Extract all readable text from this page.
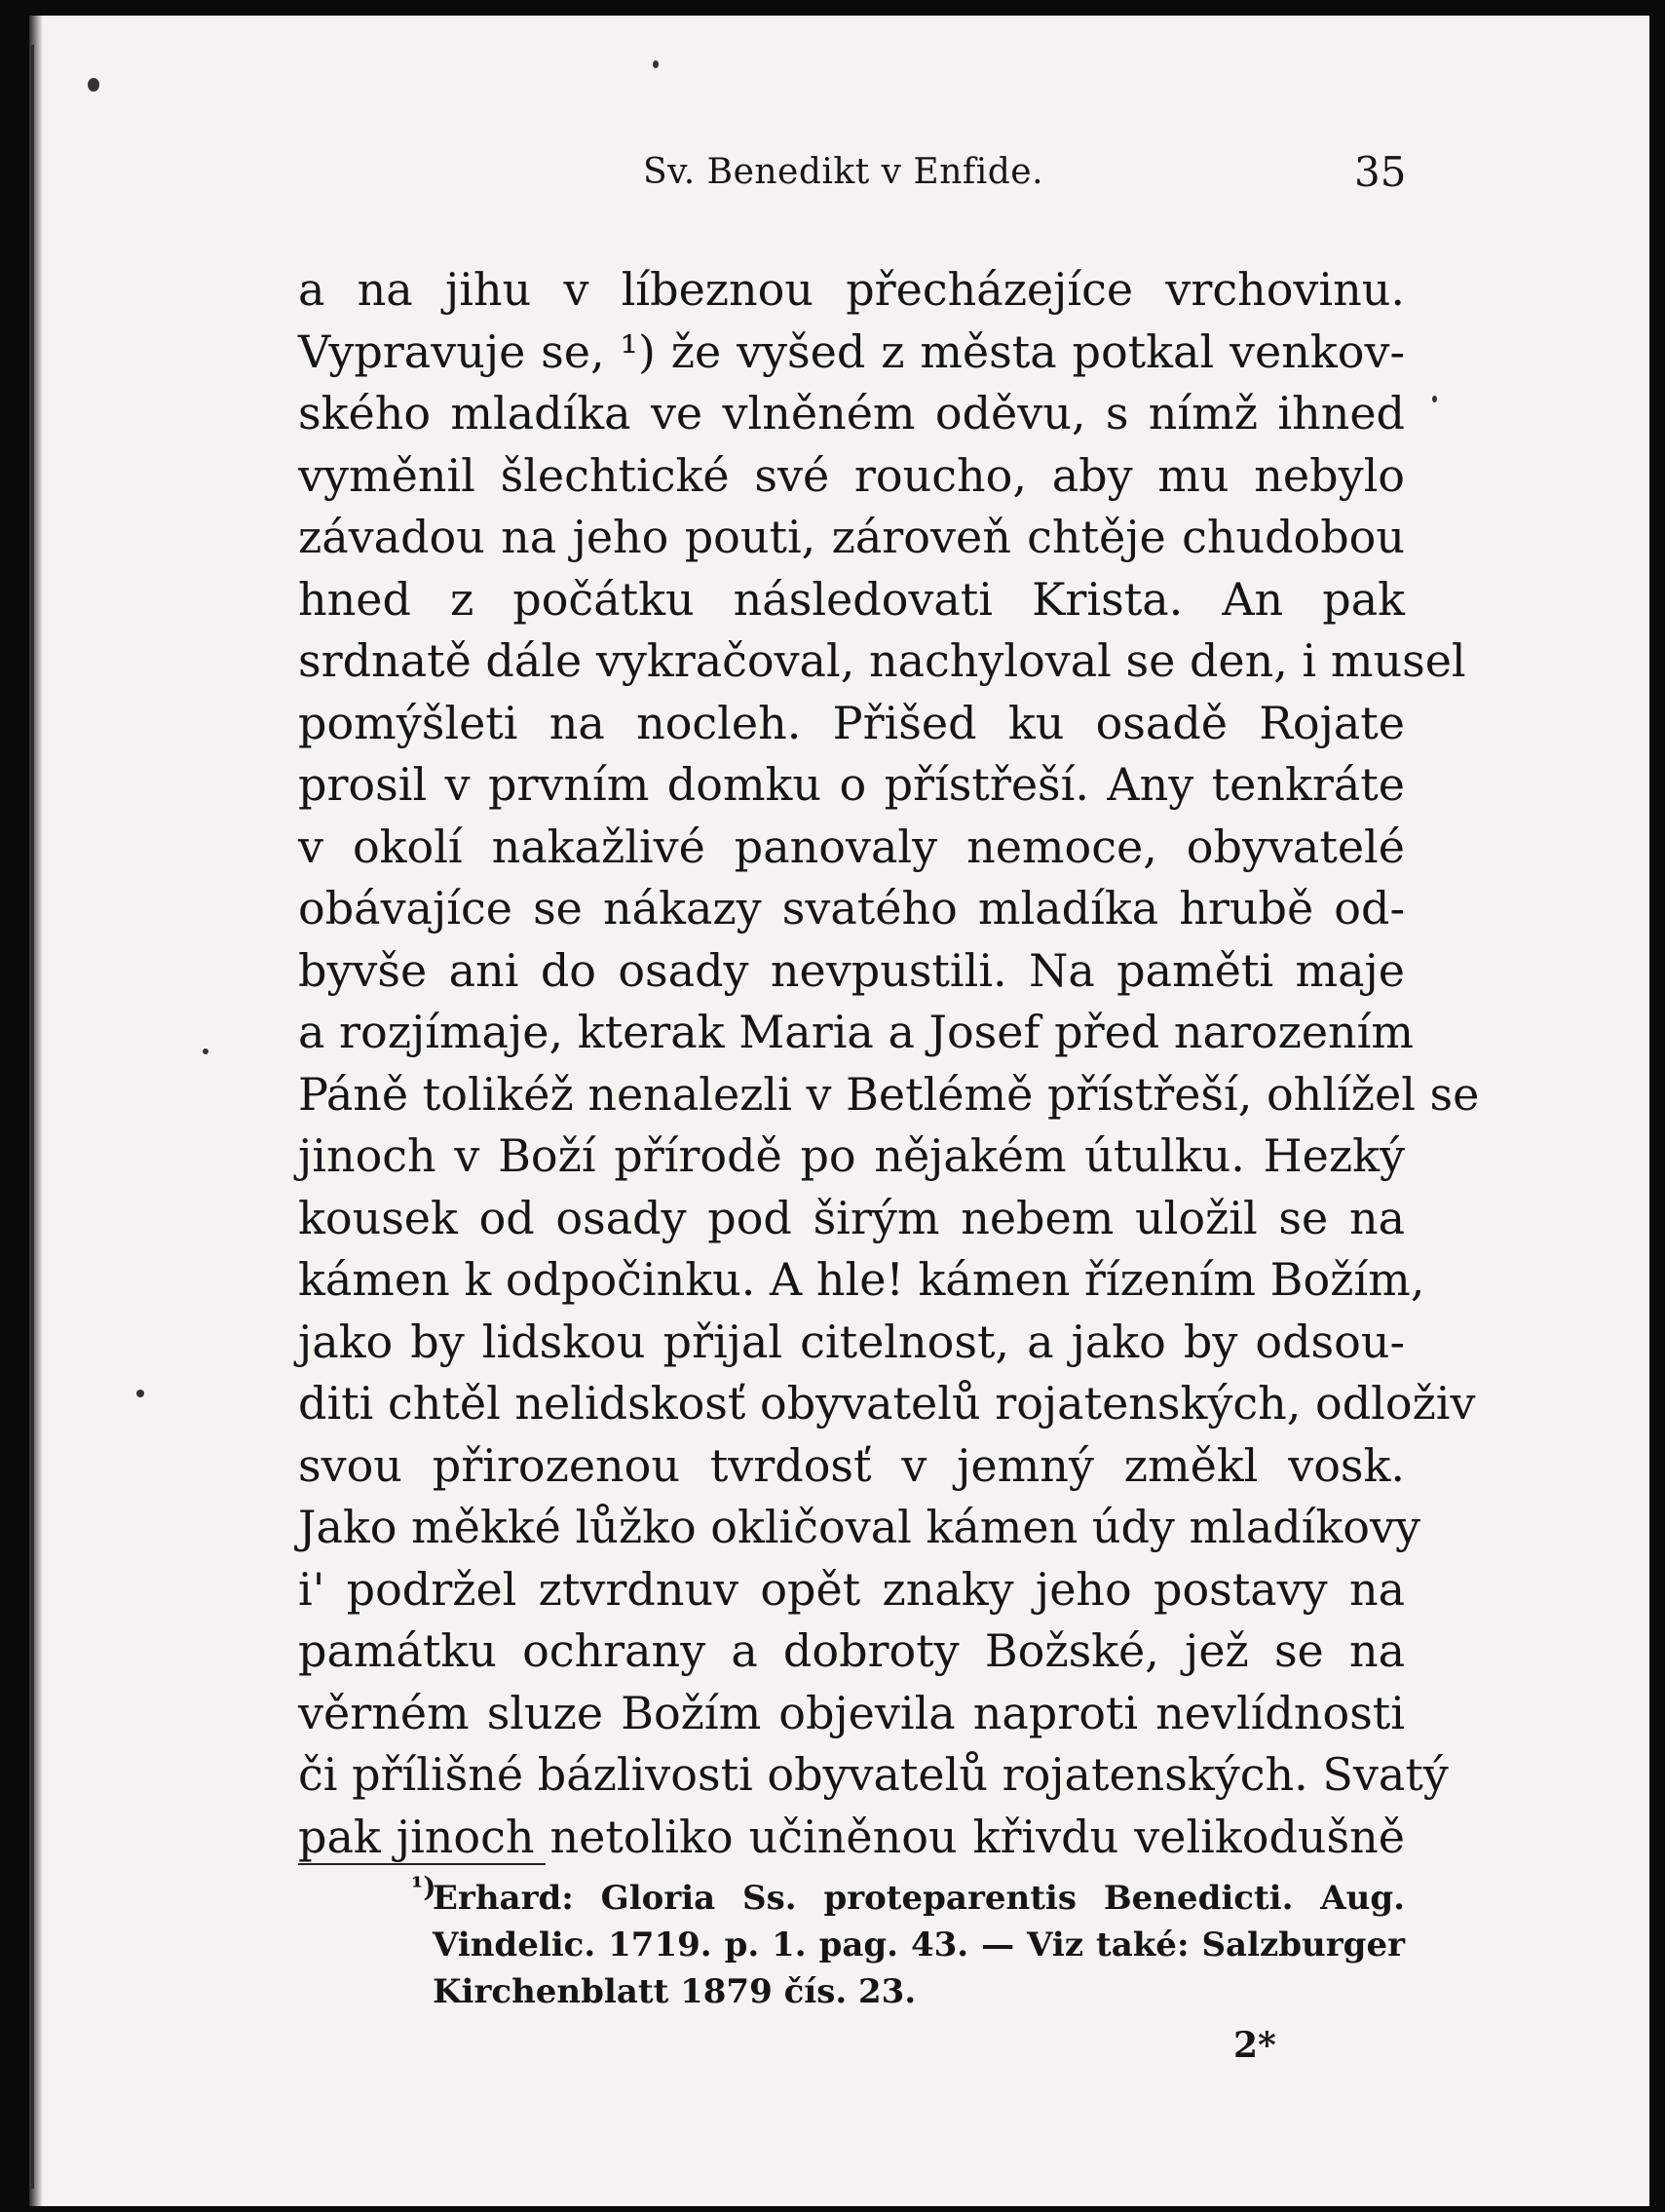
Sv. Benedikt v Enfide.	35
a na jihu v líbeznou přecházejíce vrchovinu.
Vypravuje se, ¹) že vyšed z města potkal venkov-
ského mladíka ve vlněném oděvu, s nímž ihned
vyměnil šlechtické své roucho, aby mu nebylo
závadou na jeho pouti, zároveň chtěje chudobou
hned z počátku následovati Krista. An pak
srdnatě dále vykračoval, nachyloval se den, i musel
pomýšleti na nocleh. Přišed ku osadě Rojate
prosil v prvním domku o přístřeší. Any tenkráte
v okolí nakažlivé panovaly nemoce, obyvatelé
obávajíce se nákazy svatého mladíka hrubě od-
byvše ani do osady nevpustili. Na paměti maje
a rozjímaje, kterak Maria a Josef před narozením
Páně tolikéž nenalezli v Betlémě přístřeší, ohlížel se
jinoch v Boží přírodě po nějakém útulku. Hezký
kousek od osady pod širým nebem uložil se na
kámen k odpočinku. A hle! kámen řízením Božím,
jako by lidskou přijal citelnost, a jako by odsou-
diti chtěl nelidskosť obyvatelů rojatenských, odloživ
svou přirozenou tvrdosť v jemný změkl vosk.
Jako měkké lůžko okličoval kámen údy mladíkovy
i' podržel ztvrdnuv opět znaky jeho postavy na
památku ochrany a dobroty Božské, jež se na
věrném sluze Božím objevila naproti nevlídnosti
či přílišné bázlivosti obyvatelů rojatenských. Svatý
pak jinoch netoliko učiněnou křivdu velikodušně
¹)
Erhard: Gloria Ss. proteparentis Benedicti. Aug.
Vindelic. 1719. p. 1. pag. 43. — Viz také: Salzburger
Kirchenblatt 1879 čís. 23.
2*
